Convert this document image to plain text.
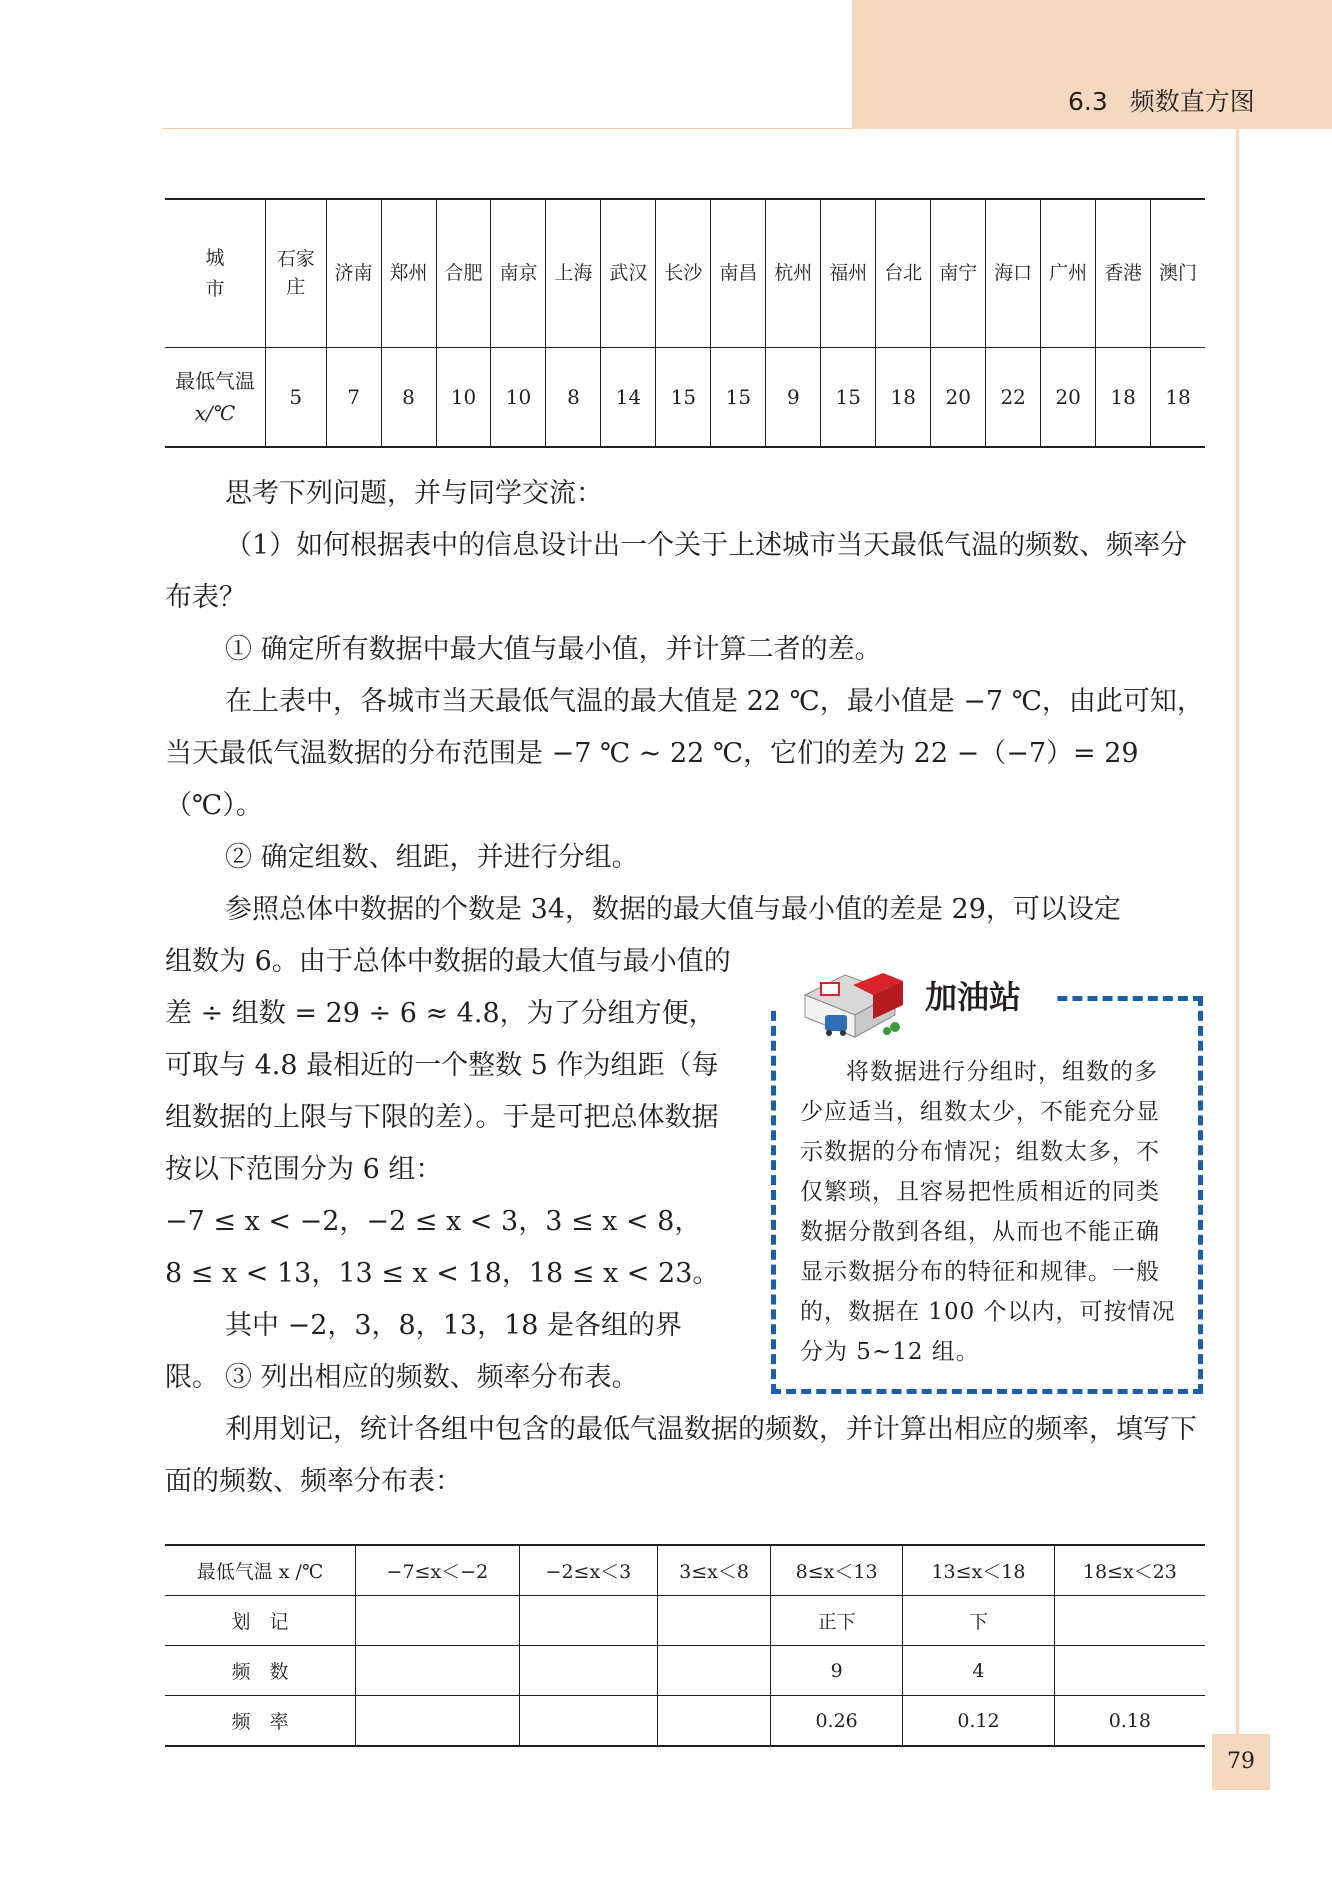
6.3 频数直方图
城市	石家庄	济南	郑州	合肥	南京	上海	武汉	长沙	南昌	杭州	福州	台北	南宁	海口	广州	香港	澳门

最低气温
x/℃	5	7	8	10	10	8	14	15	15	9	15	18	20	22	20	18	18

思考下列问题，并与同学交流：

（1）如何根据表中的信息设计出一个关于上述城市当天最低气温的频数、频率分布表？

① 确定所有数据中最大值与最小值，并计算二者的差。

在上表中，各城市当天最低气温的最大值是 22 ℃，最小值是 −7 ℃，由此可知，当天最低气温数据的分布范围是 −7 ℃ ~ 22 ℃，它们的差为 22 −（−7）= 29（℃）。

② 确定组数、组距，并进行分组。

参照总体中数据的个数是 34，数据的最大值与最小值的差是 29，可以设定

组数为 6。由于总体中数据的最大值与最小值的差 ÷ 组数 = 29 ÷ 6 ≈ 4.8，为了分组方便，可取与 4.8 最相近的一个整数 5 作为组距（每组数据的上限与下限的差）。于是可把总体数据按以下范围分为 6 组：

−7 ≤ x < −2，−2 ≤ x < 3，3 ≤ x < 8，

8 ≤ x < 13，13 ≤ x < 18，18 ≤ x < 23。

其中 −2，3，8，13，18 是各组的界限。 ③ 列出相应的频数、频率分布表。

利用划记，统计各组中包含的最低气温数据的频数，并计算出相应的频率，填写下面的频数、频率分布表：

加油站

将数据进行分组时，组数的多少应适当，组数太少，不能充分显示数据的分布情况；组数太多，不仅繁琐，且容易把性质相近的同类数据分散到各组，从而也不能正确显示数据分布的特征和规律。一般的，数据在 100 个以内，可按情况分为 5~12 组。

最低气温 x /℃	−7≤x＜−2	−2≤x＜3	3≤x＜8	8≤x＜13	13≤x＜18	18≤x＜23
划　记				正下	下	
频　数				9	4	
频　率				0.26	0.12	0.18
79
